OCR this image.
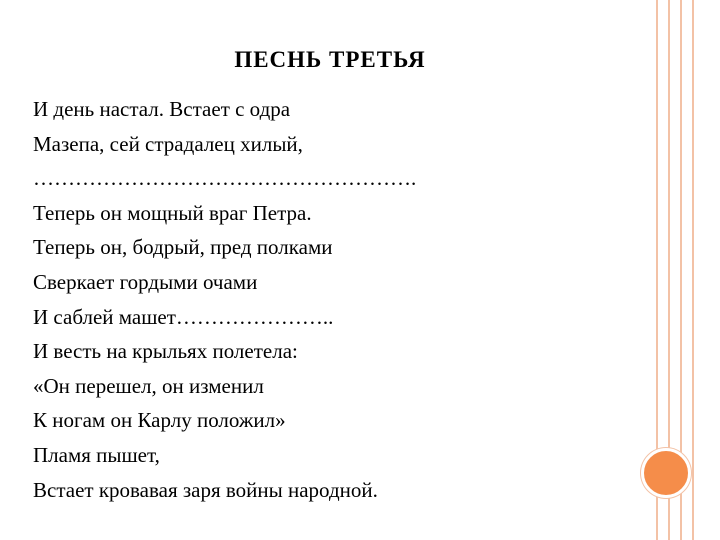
ПЕСНЬ ТРЕТЬЯ
И день настал. Встает с одра
Мазепа, сей страдалец хилый,
……………………………………………….
Теперь он мощный враг Петра.
Теперь он, бодрый, пред полками
Сверкает гордыми очами
И саблей машет…………………..
И весть на крыльях полетела:
«Он перешел, он изменил
К ногам он Карлу положил»
Пламя пышет,
Встает кровавая заря войны народной.
